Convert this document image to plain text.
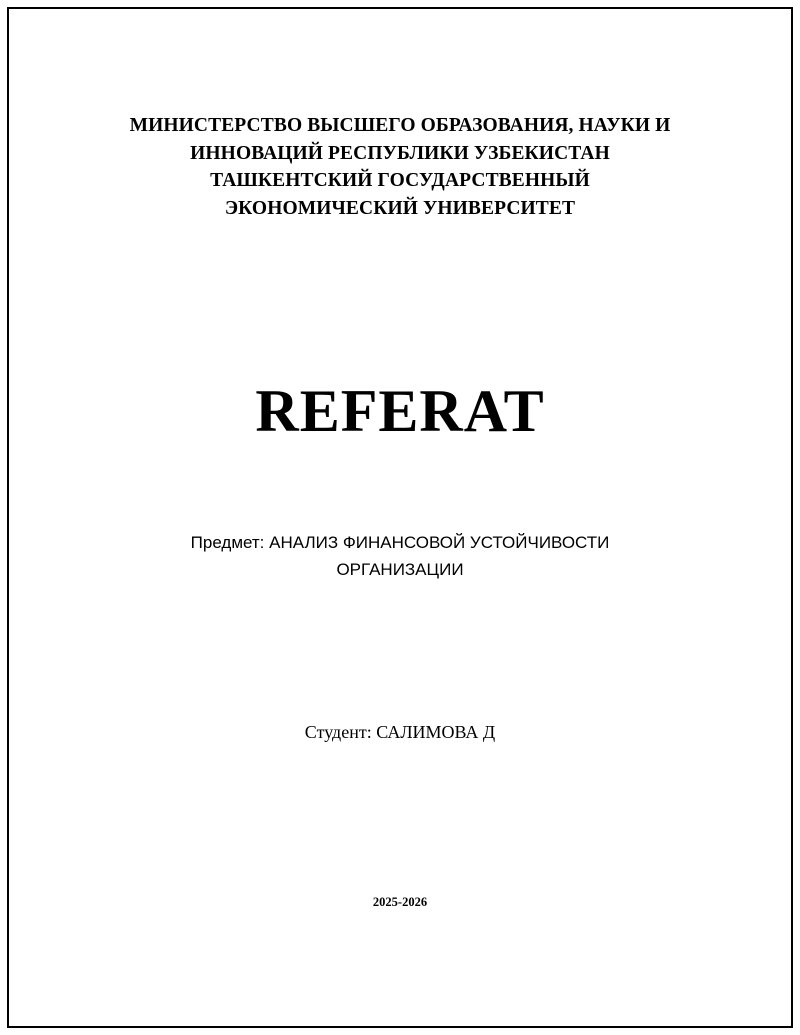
МИНИСТЕРСТВО ВЫСШЕГО ОБРАЗОВАНИЯ, НАУКИ И
ИННОВАЦИЙ РЕСПУБЛИКИ УЗБЕКИСТАН
ТАШКЕНТСКИЙ ГОСУДАРСТВЕННЫЙ
ЭКОНОМИЧЕСКИЙ УНИВЕРСИТЕТ
REFERAT
Предмет: АНАЛИЗ ФИНАНСОВОЙ УСТОЙЧИВОСТИ
ОРГАНИЗАЦИИ
Студент: САЛИМОВА Д
2025-2026
